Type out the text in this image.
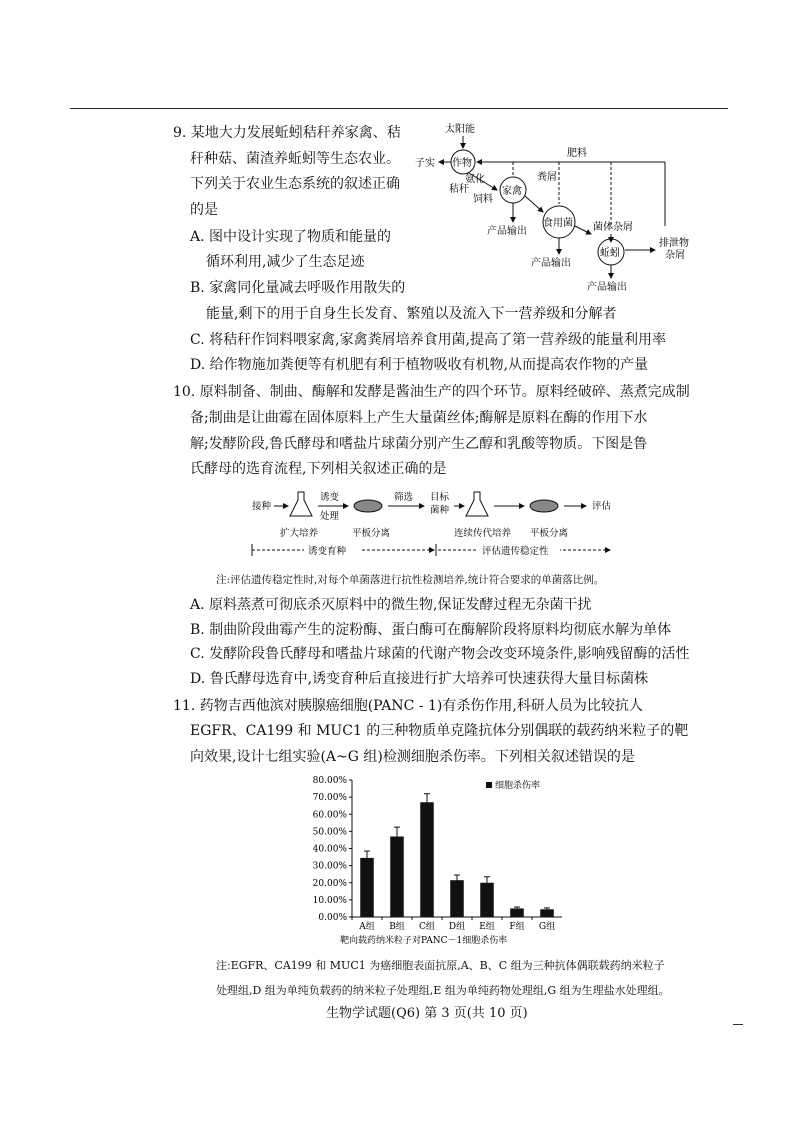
9. 某地大力发展蚯蚓秸秆养家禽、秸
秆种菇、菌渣养蚯蚓等生态农业。
下列关于农业生态系统的叙述正确
的是
A. 图中设计实现了物质和能量的
循环利用,减少了生态足迹
B. 家禽同化量减去呼吸作用散失的
能量,剩下的用于自身生长发育、繁殖以及流入下一营养级和分解者
C. 将秸秆作饲料喂家禽,家禽粪屑培养食用菌,提高了第一营养级的能量利用率
D. 给作物施加粪便等有机肥有利于植物吸收有机物,从而提高农作物的产量
太阳能
作物
子实
肥料
秸秆
氨化
饲料
家禽
粪屑
产品输出
食用菌
产品输出
菌体杂屑
蚯蚓
排泄物
杂屑
产品输出
10. 原料制备、制曲、酶解和发酵是酱油生产的四个环节。原料经破碎、蒸煮完成制
备;制曲是让曲霉在固体原料上产生大量菌丝体;酶解是原料在酶的作用下水
解;发酵阶段,鲁氏酵母和嗜盐片球菌分别产生乙醇和乳酸等物质。下图是鲁
氏酵母的选育流程,下列相关叙述正确的是
接种
诱变
处理
筛选 目标
菌种	评估
扩大培养	平板分离	连续传代培养 平板分离
诱变育种	评估遗传稳定性
注:评估遗传稳定性时,对每个单菌落进行抗性检测培养,统计符合要求的单菌落比例。
A. 原料蒸煮可彻底杀灭原料中的微生物,保证发酵过程无杂菌干扰
B. 制曲阶段曲霉产生的淀粉酶、蛋白酶可在酶解阶段将原料均彻底水解为单体
C. 发酵阶段鲁氏酵母和嗜盐片球菌的代谢产物会改变环境条件,影响残留酶的活性
D. 鲁氏酵母选育中,诱变育种后直接进行扩大培养可快速获得大量目标菌株
11. 药物吉西他滨对胰腺癌细胞(PANC - 1)有杀伤作用,科研人员为比较抗人
EGFR、CA199 和 MUC1 的三种物质单克隆抗体分别偶联的载药纳米粒子的靶
向效果,设计七组实验(A~G 组)检测细胞杀伤率。下列相关叙述错误的是
0.00%
10.00%
20.00%
30.00%
40.00%
50.00%
60.00%
70.00%
80.00%
A组 B组 C组 D组 E组 F组 G组
细胞杀伤率
靶向载药纳米粒子对PANC－1细胞杀伤率
注:EGFR、CA199 和 MUC1 为癌细胞表面抗原,A、B、C 组为三种抗体偶联载药纳米粒子
处理组,D 组为单纯负载药的纳米粒子处理组,E 组为单纯药物处理组,G 组为生理盐水处理组。
生物学试题(Q6) 第 3 页(共 10 页)
